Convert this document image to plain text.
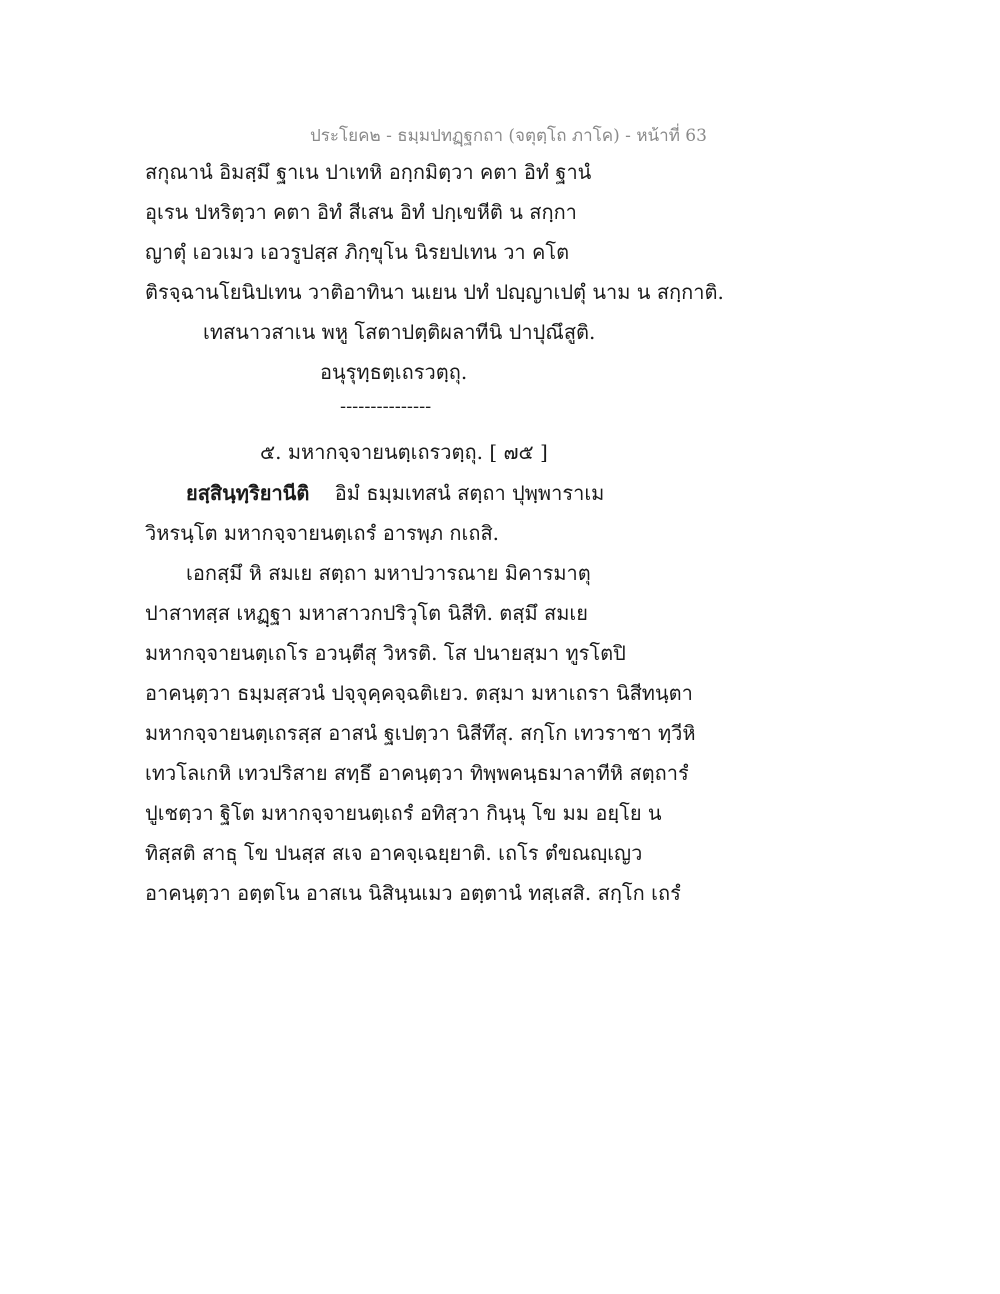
ประโยค๒ - ธมฺมปทฏฺฐกถา (จตุตฺโถ ภาโค) - หน้าที่ 63
สกุณานํ อิมสฺมึ ฐาเน ปาเทหิ อกฺกมิตฺวา คตา อิทํ ฐานํ
อุเรน ปหริตฺวา คตา อิทํ สีเสน อิทํ ปกฺเขหีติ น สกฺกา
ญาตุํ เอวเมว เอวรูปสฺส ภิกฺขุโน นิรยปเทน วา คโต
ติรจฺฉานโยนิปเทน วาติอาทินา นเยน ปทํ ปญฺญาเปตุํ นาม น สกฺกาติ.
เทสนาวสาเน พหู โสตาปตฺติผลาทีนิ ปาปุณึสูติ.
อนุรุทฺธตฺเถรวตฺถุ.
---------------
๕. มหากจฺจายนตฺเถรวตฺถุ. [ ๗๕ ]
ยสฺสินฺทฺริยานีติ อิมํ ธมฺมเทสนํ สตฺถา ปุพฺพาราเม
วิหรนฺโต มหากจฺจายนตฺเถรํ อารพฺภ กเถสิ.
เอกสฺมึ หิ สมเย สตฺถา มหาปวารณาย มิคารมาตุ
ปาสาทสฺส เหฏฺฐา มหาสาวกปริวุโต นิสีทิ. ตสฺมึ สมเย
มหากจฺจายนตฺเถโร อวนฺตีสุ วิหรติ. โส ปนายสฺมา ทูรโตปิ
อาคนฺตฺวา ธมฺมสฺสวนํ ปจฺจุคฺคจฺฉติเยว. ตสฺมา มหาเถรา นิสีทนฺตา
มหากจฺจายนตฺเถรสฺส อาสนํ ฐเปตฺวา นิสีทึสุ. สกฺโก เทวราชา ทฺวีหิ
เทวโลเกหิ เทวปริสาย สทฺธึ อาคนฺตฺวา ทิพฺพคนฺธมาลาทีหิ สตฺถารํ
ปูเชตฺวา ฐิโต มหากจฺจายนตฺเถรํ อทิสฺวา กินฺนุ โข มม อยฺโย น
ทิสฺสติ สาธุ โข ปนสฺส สเจ อาคจฺเฉยฺยาติ. เถโร ตํขณญฺเญว
อาคนฺตฺวา อตฺตโน อาสเน นิสินฺนเมว อตฺตานํ ทสฺเสสิ. สกฺโก เถรํ
